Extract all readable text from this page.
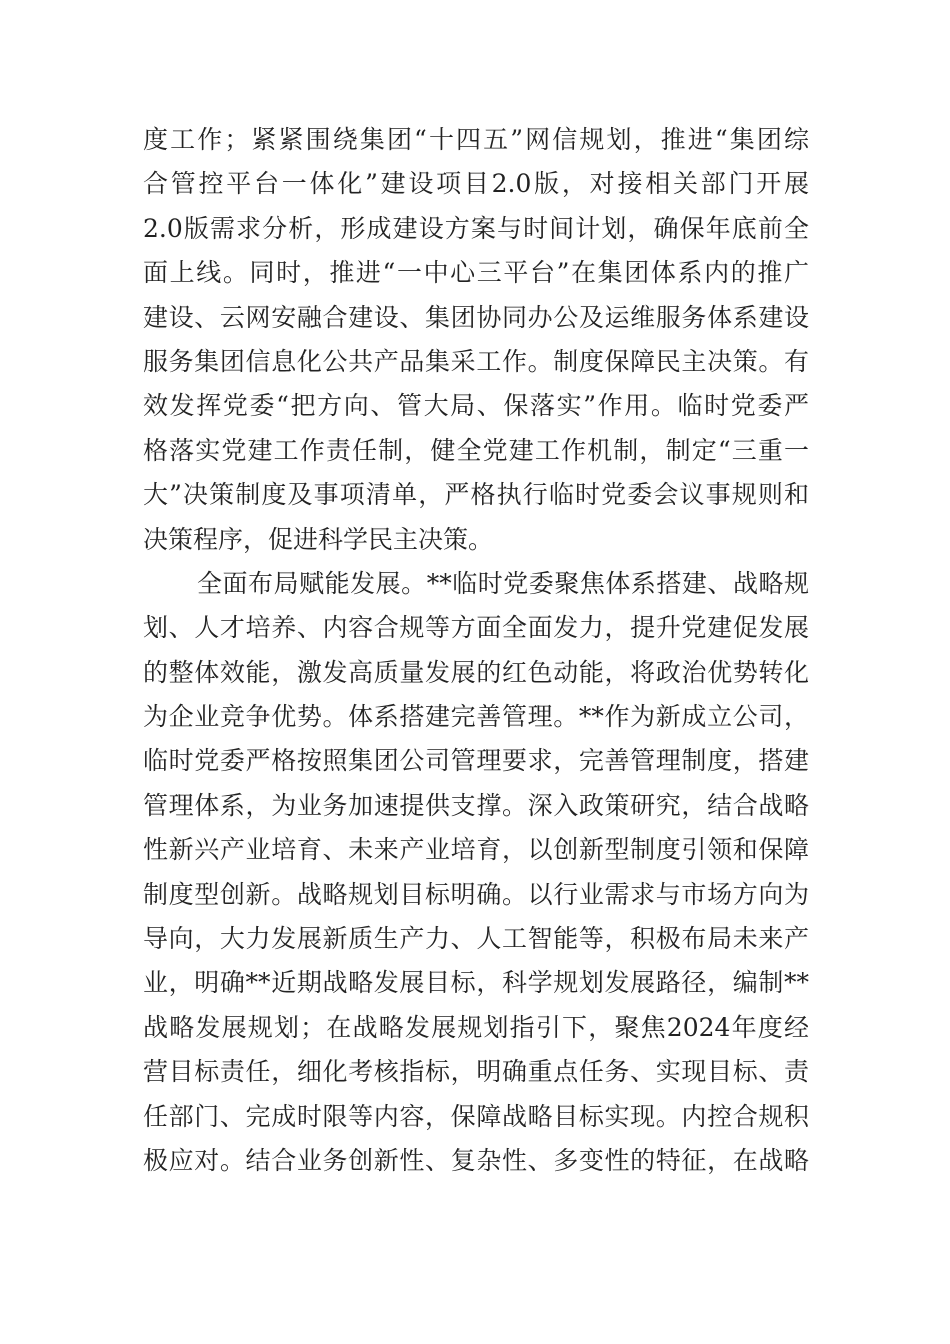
度工作；紧紧围绕集团“十四五”网信规划，推进“集团综
合管控平台一体化”建设项目2.0版，对接相关部门开展
2.0版需求分析，形成建设方案与时间计划，确保年底前全
面上线。同时，推进“一中心三平台”在集团体系内的推广
建设、云网安融合建设、集团协同办公及运维服务体系建设
服务集团信息化公共产品集采工作。制度保障民主决策。有
效发挥党委“把方向、管大局、保落实”作用。临时党委严
格落实党建工作责任制，健全党建工作机制，制定“三重一
大”决策制度及事项清单，严格执行临时党委会议事规则和
决策程序，促进科学民主决策。
全面布局赋能发展。**临时党委聚焦体系搭建、战略规
划、人才培养、内容合规等方面全面发力，提升党建促发展
的整体效能，激发高质量发展的红色动能，将政治优势转化
为企业竞争优势。体系搭建完善管理。**作为新成立公司，
临时党委严格按照集团公司管理要求，完善管理制度，搭建
管理体系，为业务加速提供支撑。深入政策研究，结合战略
性新兴产业培育、未来产业培育，以创新型制度引领和保障
制度型创新。战略规划目标明确。以行业需求与市场方向为
导向，大力发展新质生产力、人工智能等，积极布局未来产
业，明确**近期战略发展目标，科学规划发展路径，编制**
战略发展规划；在战略发展规划指引下，聚焦2024年度经
营目标责任，细化考核指标，明确重点任务、实现目标、责
任部门、完成时限等内容，保障战略目标实现。内控合规积
极应对。结合业务创新性、复杂性、多变性的特征，在战略
